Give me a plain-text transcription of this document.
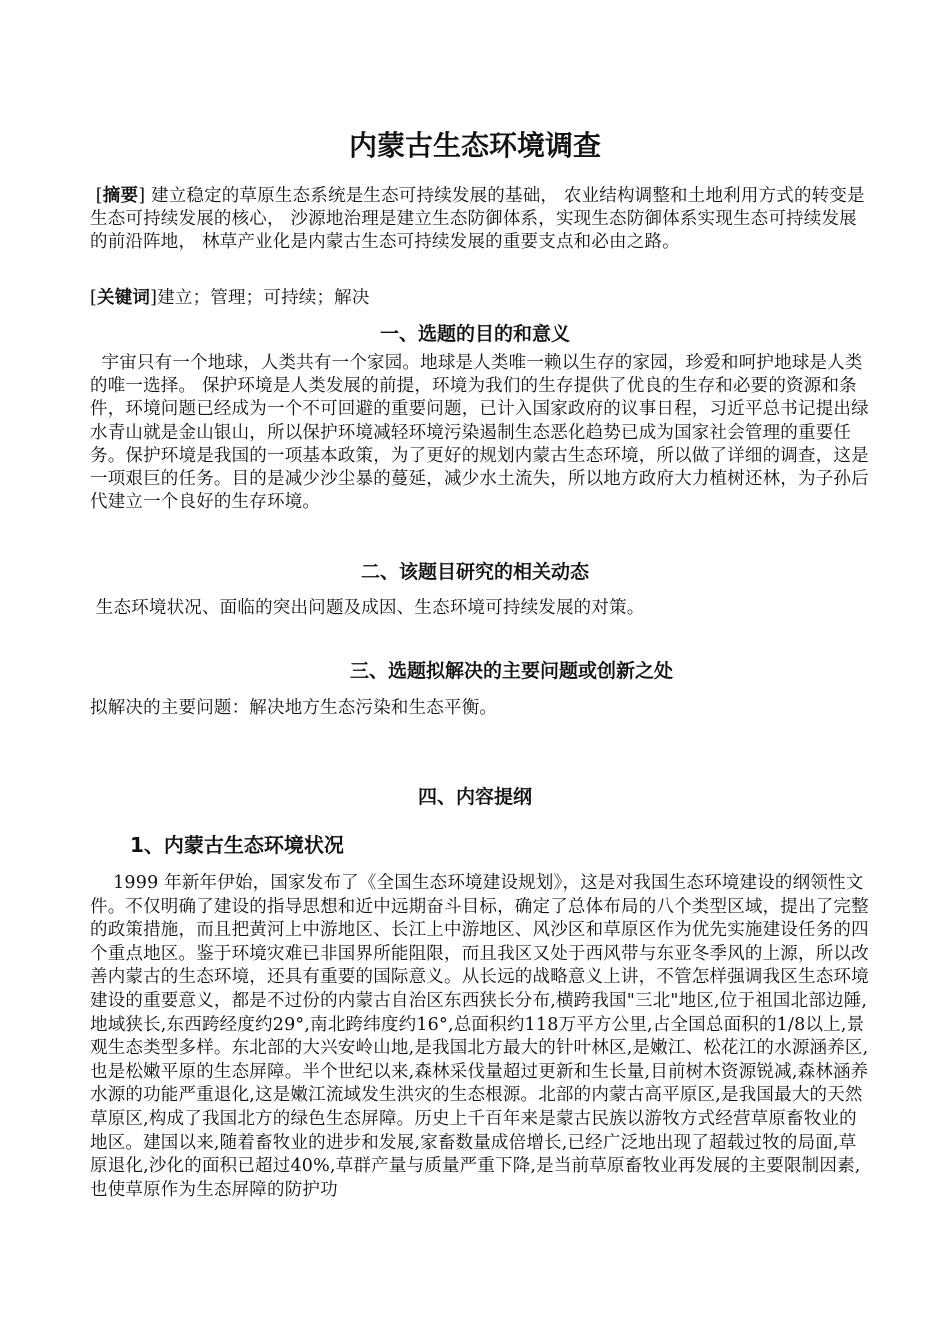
内蒙古生态环境调查

[摘要] 建立稳定的草原生态系统是生态可持续发展的基础， 农业结构调整和土地利用方式的转变是生态可持续发展的核心， 沙源地治理是建立生态防御体系，实现生态防御体系实现生态可持续发展的前沿阵地， 林草产业化是内蒙古生态可持续发展的重要支点和必由之路。

[关键词]建立；管理；可持续；解决

一、选题的目的和意义

宇宙只有一个地球，人类共有一个家园。地球是人类唯一赖以生存的家园，珍爱和呵护地球是人类的唯一选择。 保护环境是人类发展的前提，环境为我们的生存提供了优良的生存和必要的资源和条件，环境问题已经成为一个不可回避的重要问题，已计入国家政府的议事日程，习近平总书记提出绿水青山就是金山银山，所以保护环境减轻环境污染遏制生态恶化趋势已成为国家社会管理的重要任务。保护环境是我国的一项基本政策，为了更好的规划内蒙古生态环境，所以做了详细的调查，这是一项艰巨的任务。目的是减少沙尘暴的蔓延，减少水土流失，所以地方政府大力植树还林，为子孙后代建立一个良好的生存环境。

二、该题目研究的相关动态

生态环境状况、面临的突出问题及成因、生态环境可持续发展的对策。

三、选题拟解决的主要问题或创新之处

拟解决的主要问题：解决地方生态污染和生态平衡。

四、内容提纲
1、内蒙古生态环境状况

1999 年新年伊始，国家发布了《全国生态环境建设规划》，这是对我国生态环境建设的纲领性文件。不仅明确了建设的指导思想和近中远期奋斗目标，确定了总体布局的八个类型区域，提出了完整的政策措施，而且把黄河上中游地区、长江上中游地区、风沙区和草原区作为优先实施建设任务的四个重点地区。鉴于环境灾难已非国界所能阻限，而且我区又处于西风带与东亚冬季风的上源，所以改善内蒙古的生态环境，还具有重要的国际意义。从长远的战略意义上讲，不管怎样强调我区生态环境建设的重要意义，都是不过份的内蒙古自治区东西狭长分布,横跨我国"三北"地区,位于祖国北部边陲,地域狭长,东西跨经度约29°,南北跨纬度约16°,总面积约118万平方公里,占全国总面积的1/8以上,景观生态类型多样。东北部的大兴安岭山地,是我国北方最大的针叶林区,是嫩江、松花江的水源涵养区,也是松嫩平原的生态屏障。半个世纪以来,森林采伐量超过更新和生长量,目前树木资源锐减,森林涵养水源的功能严重退化,这是嫩江流域发生洪灾的生态根源。北部的内蒙古高平原区,是我国最大的天然草原区,构成了我国北方的绿色生态屏障。历史上千百年来是蒙古民族以游牧方式经营草原畜牧业的地区。建国以来,随着畜牧业的进步和发展,家畜数量成倍增长,已经广泛地出现了超载过牧的局面,草原退化,沙化的面积已超过40%,草群产量与质量严重下降,是当前草原畜牧业再发展的主要限制因素,也使草原作为生态屏障的防护功
